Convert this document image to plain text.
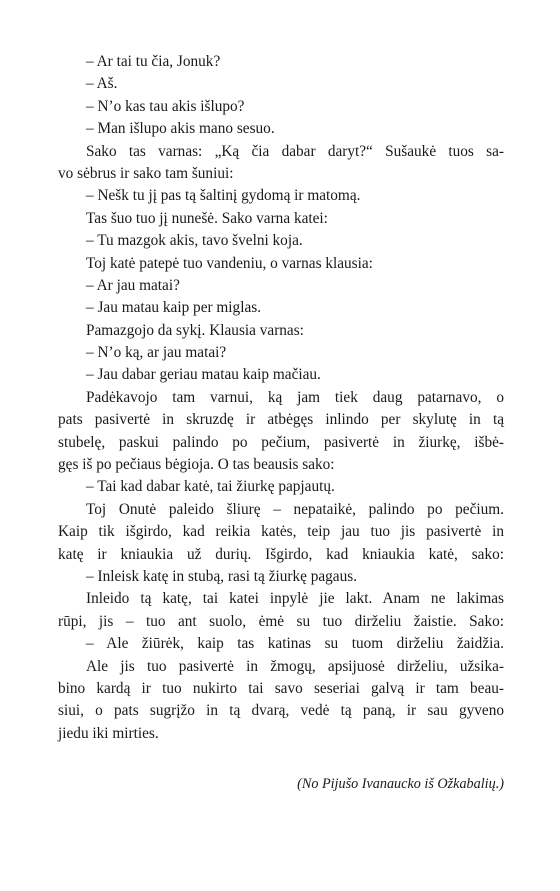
– Ar tai tu čia, Jonuk?
– Aš.
– N’o kas tau akis išlupo?
– Man išlupo akis mano sesuo.
Sako tas varnas: „Ką čia dabar daryt?“ Sušaukė tuos sa-
vo sėbrus ir sako tam šuniui:
– Nešk tu jį pas tą šaltinį gydomą ir matomą.
Tas šuo tuo jį nunešė. Sako varna katei:
– Tu mazgok akis, tavo švelni koja.
Toj katė patepė tuo vandeniu, o varnas klausia:
– Ar jau matai?
– Jau matau kaip per miglas.
Pamazgojo da sykį. Klausia varnas:
– N’o ką, ar jau matai?
– Jau dabar geriau matau kaip mačiau.
Padėkavojo tam varnui, ką jam tiek daug patarnavo, o
pats pasivertė in skruzdę ir atbėgęs inlindo per skylutę in tą
stubelę, paskui palindo po pečium, pasivertė in žiurkę, išbė-
gęs iš po pečiaus bėgioja. O tas beausis sako:
– Tai kad dabar katė, tai žiurkę papjautų.
Toj Onutė paleido šliurę – nepataikė, palindo po pečium.
Kaip tik išgirdo, kad reikia katės, teip jau tuo jis pasivertė in
katę ir kniaukia už durių. Išgirdo, kad kniaukia katė, sako:
– Inleisk katę in stubą, rasi tą žiurkę pagaus.
Inleido tą katę, tai katei inpylė jie lakt. Anam ne lakimas
rūpi, jis – tuo ant suolo, ėmė su tuo dirželiu žaistie. Sako:
– Ale žiūrėk, kaip tas katinas su tuom dirželiu žaidžia.
Ale jis tuo pasivertė in žmogų, apsijuosė dirželiu, užsika-
bino kardą ir tuo nukirto tai savo seseriai galvą ir tam beau-
siui, o pats sugrįžo in tą dvarą, vedė tą paną, ir sau gyveno
jiedu iki mirties.
(No Pijušo Ivanaucko iš Ožkabalių.)
